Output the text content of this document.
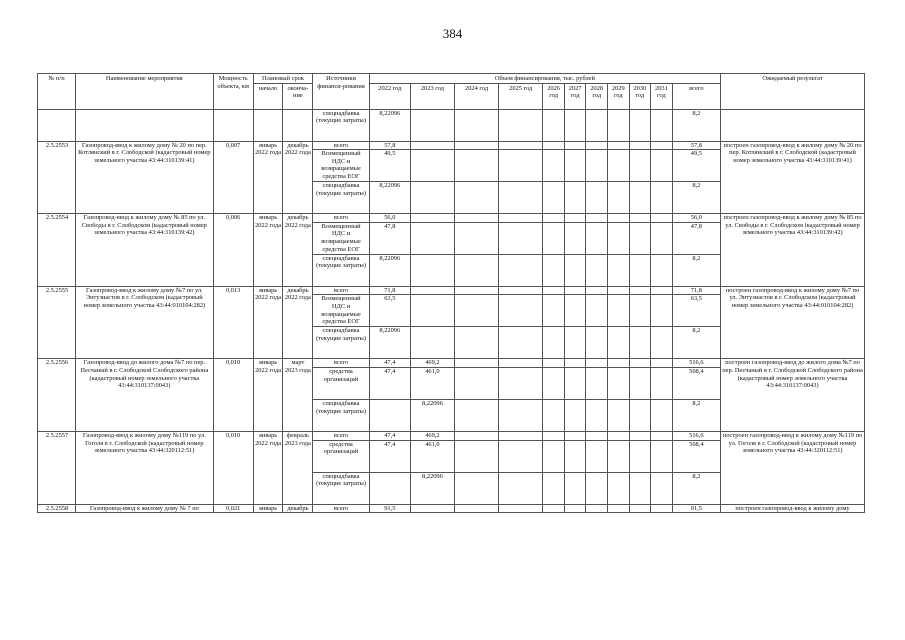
384
№ п/п	Наименование мероприятия	Мощность объекта, км	Плановый срок		Источники финанси-рования	Объем финансирования, тыс. рублей											Ожидаемый результат
			начало	оконча-ние		2022 год	2023 год	2024 год	2025 год	2026 год	2027 год	2028 год	2029 год	2030 год	2031 год	всего	
					спецнадбавка (текущие затраты)	8,22096										8,2	
2.5.2553	Газопровод-ввод к жилому дому № 20 по пер. Котлянский в г. Слободской (кадастровый номер земельного участка 43:44:310139:41)	0,007	январь 2022 года	декабрь 2022 года	всего	57,8										57,8	построен газопровод-ввод к жилому дому № 20 по пер. Котлянский в г. Слободской (кадастровый номер земельного участка 43:44:310139:41)
					Возмещенный НДС и возвращаемые средства ЕОГ	49,5										49,5	
					спецнадбавка (текущие затраты)	8,22096										8,2	
2.5.2554	Газопровод-ввод к жилому дому № 85 по ул. Свободы в г. Слободском (кадастровый номер земельного участка 43:44:310139:42)	0,006	январь 2022 года	декабрь 2022 года	всего	56,0										56,0	построен газопровод-ввод к жилому дому № 85 по ул. Свободы в г. Слободском (кадастровый номер земельного участка 43:44:310139:42)
					Возмещенный НДС и возвращаемые средства ЕОГ	47,8										47,8	
					спецнадбавка (текущие затраты)	8,22096										8,2	
2.5.2555	Газопровод-ввод к жилому дому №7 по ул. Энтузиастов в г. Слободском (кадастровый номер земельного участка 43:44:010104:282)	0,013	январь 2022 года	декабрь 2022 года	всего	71,8										71,8	построен газопровод-ввод к жилому дому №7 по ул. Энтузиастов в г. Слободском (кадастровый номер земельного участка 43:44:010104:282)
					Возмещенный НДС и возвращаемые средства ЕОГ	63,5										63,5	
					спецнадбавка (текущие затраты)	8,22096										8,2	
2.5.2556	Газопровод-ввод до жилого дома №7 по пер. Песчаный в г. Слободской Слободского района (кадастровый номер земельного участка 43:44:310137:0043)	0,010	январь 2022 года	март 2023 года	всего	47,4	469,2									516,6	построен газопровод-ввод до жилого дома №7 по пер. Песчаный в г. Слободской Слободского района (кадастровый номер земельного участка 43:44:310137:0043)
					средства организаций	47,4	461,0									508,4	
					спецнадбавка (текущие затраты)		8,22096									8,2	
2.5.2557	Газопровод-ввод к жилому дому №119 по ул. Гоголя в г. Слободской (кадастровый номер земельного участка 43:44:320112:51)	0,010	январь 2022 года	февраль 2023 года	всего	47,4	469,2									516,6	построен газопровод-ввод к жилому дому №119 по ул. Гоголя в г. Слободской (кадастровый номер земельного участка 43:44:320112:51)
					средства организаций	47,4	461,0									508,4	
					спецнадбавка (текущие затраты)		8,22096									8,2	
2.5.2558	Газопровод-ввод к жилому дому № 7 по	0,021	январь	декабрь	всего	91,5										91,5	построен газопровод-ввод к жилому дому
